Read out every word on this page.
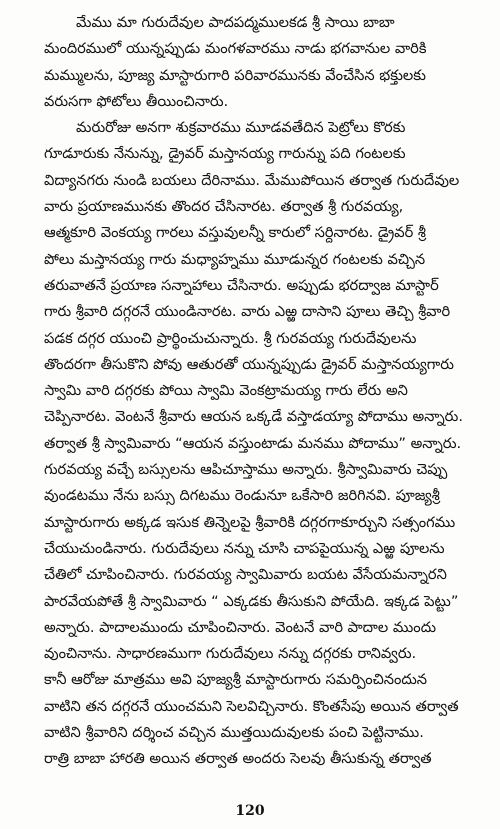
మేము మా గురుదేవుల పాదపద్మములకడ శ్రీ సాయి బాబా
మందిరములో యున్నప్పుడు మంగళవారము నాడు భగవానుల వారికి
మమ్ములను, పూజ్య మాస్టారుగారి పరివారమునకు వేంచేసిన భక్తులకు
వరుసగా ఫోటోలు తీయించినారు.
మరురోజు అనగా శుక్రవారము మూడవతేదిన పెట్రోలు కొరకు
గూడూరుకు నేనున్ను, డ్రైవర్ మస్తానయ్య గారున్ను పది గంటలకు
విద్యానగరు నుండి బయలు దేరినాము. మేముపోయిన తర్వాత గురుదేవుల
వారు ప్రయాణమునకు తొందర చేసినారట. తర్వాత శ్రీ గురవయ్య,
ఆత్మకూరి వెంకయ్య గారలు వస్తువులన్నీ కారులో సర్దినారట. డ్రైవర్ శ్రీ
పోలు మస్తానయ్య గారు మధ్యాహ్నము మూడున్నర గంటలకు వచ్చిన
తరువాతనే ప్రయాణ సన్నాహాలు చేసినారు. అప్పుడు భరద్వాజ మాస్టార్
గారు శ్రీవారి దగ్గరనే యుండినారట. వారు ఎఱ్ఱ దాసాని పూలు తెచ్చి శ్రీవారి
పడక దగ్గర యుంచి ప్రార్థించుచున్నారు. శ్రీ గురవయ్య గురుదేవులను
తొందరగా తీసుకొని పోవు ఆతురతో యున్నప్పుడు డ్రైవర్ మస్తానయ్యగారు
స్వామి వారి దగ్గరకు పోయి స్వామి వెంకట్రామయ్య గారు లేరు అని
చెప్పినారట. వెంటనే శ్రీవారు ఆయన ఒక్కడే వస్తాడయ్యా పోదాము అన్నారు.
తర్వాత శ్రీ స్వామివారు “ఆయన వస్తుంటాడు మనము పోదాము” అన్నారు.
గురవయ్య వచ్చే బస్సులను ఆపిచూస్తాము అన్నారు. శ్రీస్వామివారు చెప్పు
వుండటము నేను బస్సు దిగటము రెండునూ ఒకేసారి జరిగినవి. పూజ్యశ్రీ
మాస్టారుగారు అక్కడ ఇసుక తిన్నెలపై శ్రీవారికి దగ్గరగాకూర్చుని సత్సంగము
చేయుచుండినారు. గురుదేవులు నన్ను చూసి చాపపైయున్న ఎఱ్ఱ పూలను
చేతిలో చూపించినారు. గురవయ్య స్వామివారు బయట వేసేయమన్నారని
పారవేయపోతే శ్రీ స్వామివారు “ ఎక్కడకు తీసుకుని పోయేది. ఇక్కడ పెట్టు”
అన్నారు. పాదాలముందు చూపించినారు. వెంటనే వారి పాదాల ముందు
వుంచినాను. సాధారణముగా గురుదేవులు నన్ను దగ్గరకు రానివ్వరు.
కానీ ఆరోజు మాత్రము అవి పూజ్యశ్రీ మాస్టారుగారు సమర్పించినందున
వాటిని తన దగ్గరనే యుంచమని సెలవిచ్చినారు. కొంతసేపు అయిన తర్వాత
వాటిని శ్రీవారిని దర్శించ వచ్చిన ముత్తయిదువులకు పంచి పెట్టినాము.
రాత్రి బాబా హారతి అయిన తర్వాత అందరు సెలవు తీసుకున్న తర్వాత
120
